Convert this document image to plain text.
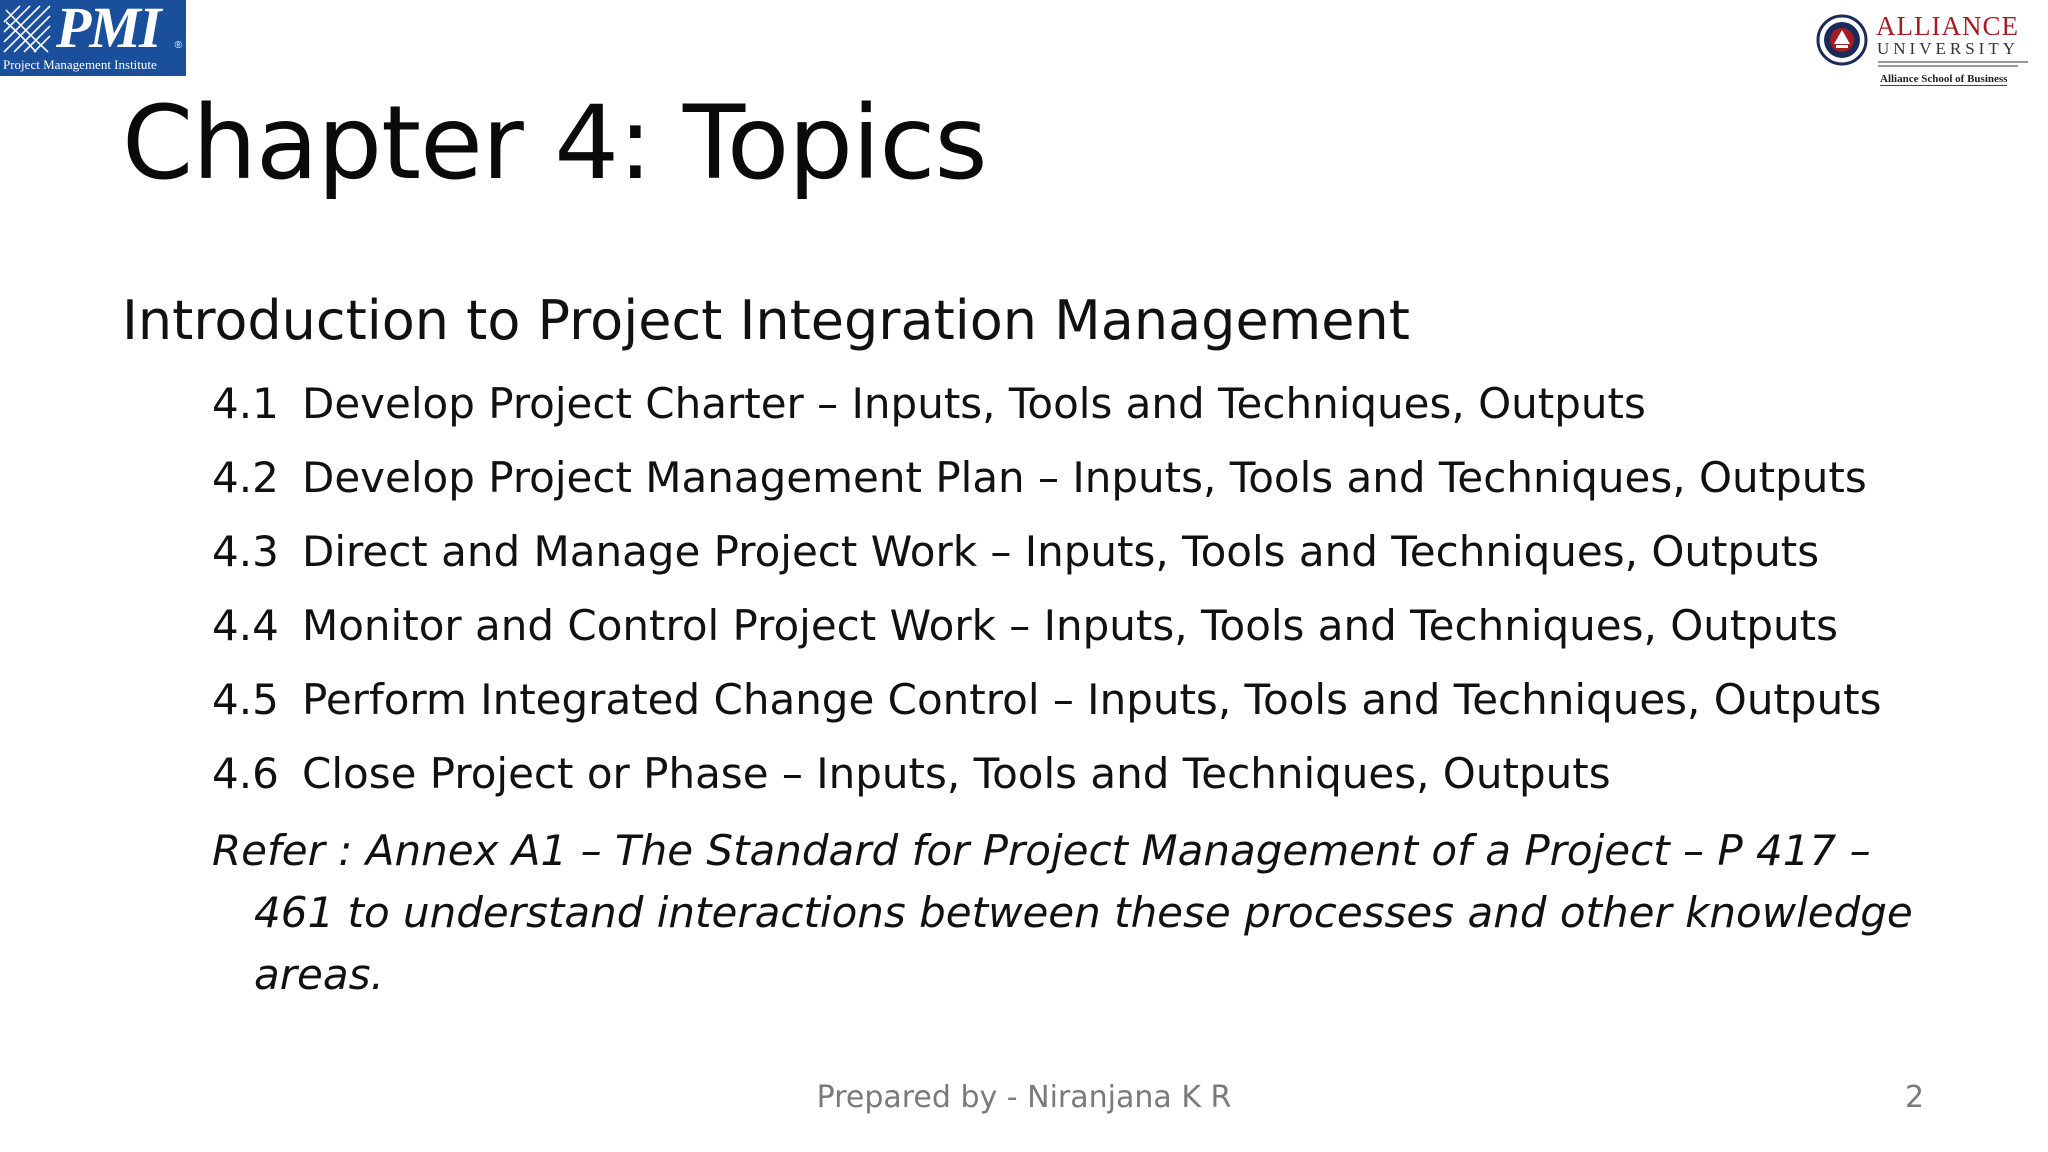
PMI ®
Project Management Institute
ALLIANCE
UNIVERSITY
Alliance School of Business
Chapter 4: Topics
Introduction to Project Integration Management
4.1 Develop Project Charter – Inputs, Tools and Techniques, Outputs
4.2 Develop Project Management Plan – Inputs, Tools and Techniques, Outputs
4.3 Direct and Manage Project Work – Inputs, Tools and Techniques, Outputs
4.4 Monitor and Control Project Work – Inputs, Tools and Techniques, Outputs
4.5 Perform Integrated Change Control – Inputs, Tools and Techniques, Outputs
4.6 Close Project or Phase – Inputs, Tools and Techniques, Outputs
Refer : Annex A1 – The Standard for Project Management of a Project – P 417 –
461 to understand interactions between these processes and other knowledge
areas.
Prepared by - Niranjana K R	2
